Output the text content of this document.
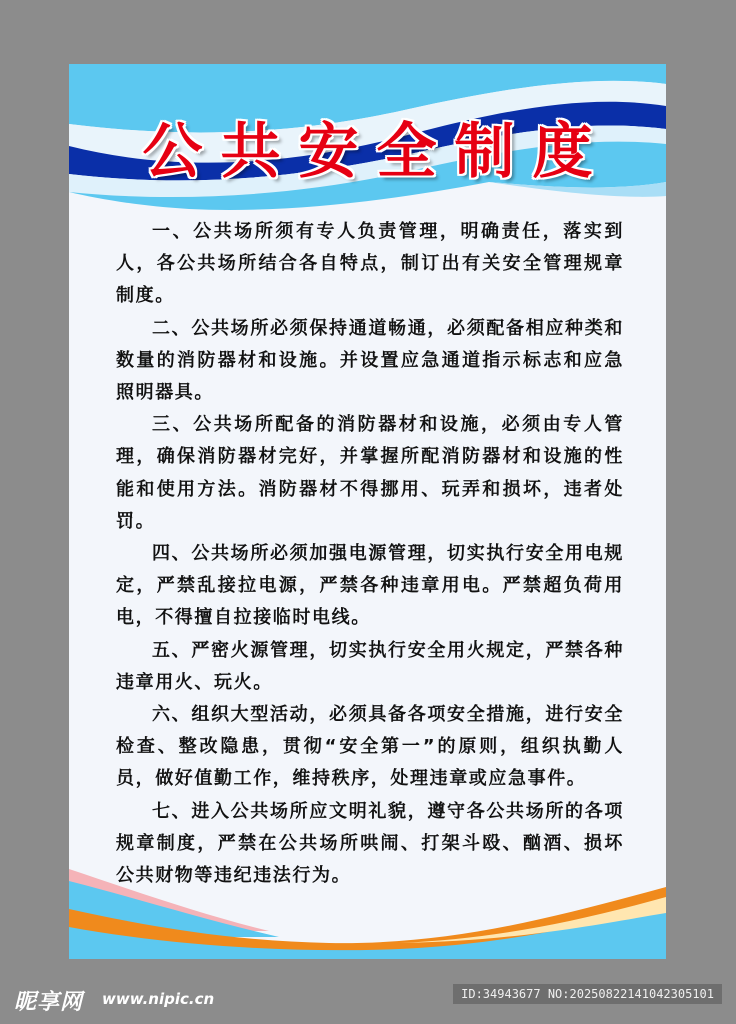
公共安全制度

一、公共场所须有专人负责管理，明确责任，落实到人，各公共场所结合各自特点，制订出有关安全管理规章制度。

二、公共场所必须保持通道畅通，必须配备相应种类和数量的消防器材和设施。并设置应急通道指示标志和应急照明器具。

三、公共场所配备的消防器材和设施，必须由专人管理，确保消防器材完好，并掌握所配消防器材和设施的性能和使用方法。消防器材不得挪用、玩弄和损坏，违者处罚。

四、公共场所必须加强电源管理，切实执行安全用电规定，严禁乱接拉电源，严禁各种违章用电。严禁超负荷用电，不得擅自拉接临时电线。

五、严密火源管理，切实执行安全用火规定，严禁各种违章用火、玩火。

六、组织大型活动，必须具备各项安全措施，进行安全检查、整改隐患，贯彻“安全第一”的原则，组织执勤人员，做好值勤工作，维持秩序，处理违章或应急事件。

七、进入公共场所应文明礼貌，遵守各公共场所的各项规章制度，严禁在公共场所哄闹、打架斗殴、酗酒、损坏公共财物等违纪违法行为。

昵享网 www.nipic.cn	ID:34943677 NO:20250822141042305101
